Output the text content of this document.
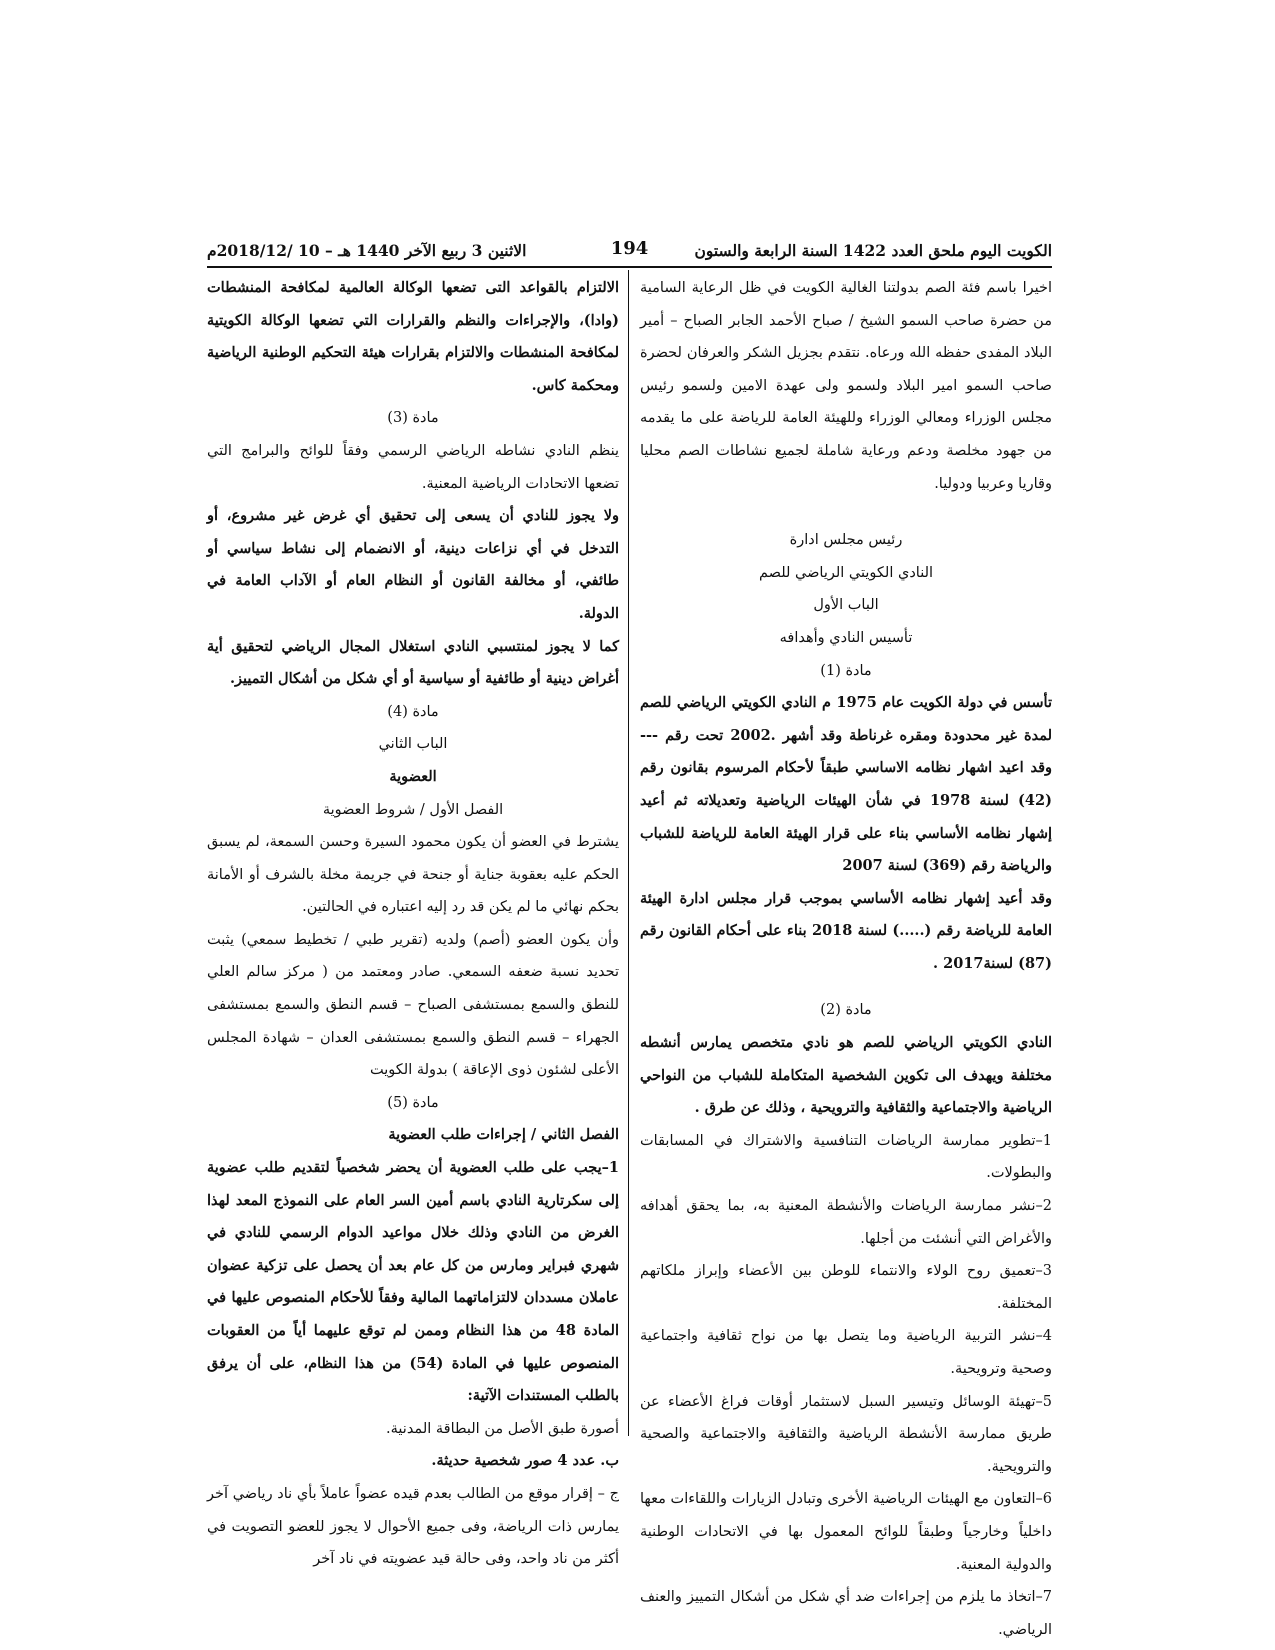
الكويت اليوم ملحق العدد 1422 السنة الرابعة والستون
194
الاثنين 3 ربيع الآخر 1440 هـ – 10 /2018/12م

اخيرا باسم فئة الصم بدولتنا الغالية الكويت في ظل الرعاية السامية من حضرة صاحب السمو الشيخ / صباح الأحمد الجابر الصباح – أمير البلاد المفدى حفظه الله ورعاه. نتقدم بجزيل الشكر والعرفان لحضرة صاحب السمو امير البلاد ولسمو ولى عهدة الامين ولسمو رئيس مجلس الوزراء ومعالي الوزراء وللهيئة العامة للرياضة على ما يقدمه من جهود مخلصة ودعم ورعاية شاملة لجميع نشاطات الصم محليا وقاريا وعربيا ودوليا.

رئيس مجلس ادارة

النادي الكويتي الرياضي للصم

الباب الأول

تأسيس النادي وأهدافه

مادة (1)

تأسس في دولة الكويت عام 1975 م النادي الكويتي الرياضي للصم لمدة غير محدودة ومقره غرناطة وقد أشهر .2002 تحت رقم --- وقد اعيد اشهار نظامه الاساسي طبقاً لأحكام المرسوم بقانون رقم (42) لسنة 1978 في شأن الهيئات الرياضية وتعديلاته ثم أعيد إشهار نظامه الأساسي بناء على قرار الهيئة العامة للرياضة للشباب والرياضة رقم (369) لسنة 2007

وقد أعيد إشهار نظامه الأساسي بموجب قرار مجلس ادارة الهيئة العامة للرياضة رقم (.....) لسنة 2018 بناء على أحكام القانون رقم (87) لسنة2017 .

مادة (2)

النادي الكويتي الرياضي للصم هو نادي متخصص يمارس أنشطه مختلفة ويهدف الى تكوين الشخصية المتكاملة للشباب من النواحي الرياضية والاجتماعية والثقافية والترويحية ، وذلك عن طرق .

1–تطوير ممارسة الرياضات التنافسية والاشتراك في المسابقات والبطولات.

2–نشر ممارسة الرياضات والأنشطة المعنية به، بما يحقق أهدافه والأغراض التي أنشئت من أجلها.

3–تعميق روح الولاء والانتماء للوطن بين الأعضاء وإبراز ملكاتهم المختلفة.

4–نشر التربية الرياضية وما يتصل بها من نواح ثقافية واجتماعية وصحية وترويحية.

5–تهيئة الوسائل وتيسير السبل لاستثمار أوقات فراغ الأعضاء عن طريق ممارسة الأنشطة الرياضية والثقافية والاجتماعية والصحية والترويحية.

6–التعاون مع الهيئات الرياضية الأخرى وتبادل الزيارات واللقاءات معها داخلياً وخارجياً وطبقاً للوائح المعمول بها في الاتحادات الوطنية والدولية المعنية.

7–اتخاذ ما يلزم من إجراءات ضد أي شكل من أشكال التمييز والعنف الرياضي.

الالتزام بالقواعد التى تضعها الوكالة العالمية لمكافحة المنشطات (وادا)، والإجراءات والنظم والقرارات التي تضعها الوكالة الكويتية لمكافحة المنشطات والالتزام بقرارات هيئة التحكيم الوطنية الرياضية ومحكمة كاس.

مادة (3)

ينظم النادي نشاطه الرياضي الرسمي وفقاً للوائح والبرامج التي تضعها الاتحادات الرياضية المعنية.

ولا يجوز للنادي أن يسعى إلى تحقيق أي غرض غير مشروع، أو التدخل في أي نزاعات دينية، أو الانضمام إلى نشاط سياسي أو طائفي، أو مخالفة القانون أو النظام العام أو الآداب العامة في الدولة.

كما لا يجوز لمنتسبي النادي استغلال المجال الرياضي لتحقيق أية أغراض دينية أو طائفية أو سياسية أو أي شكل من أشكال التمييز.

مادة (4)

الباب الثاني

العضوية

الفصل الأول / شروط العضوية

يشترط في العضو أن يكون محمود السيرة وحسن السمعة، لم يسبق الحكم عليه بعقوبة جناية أو جنحة في جريمة مخلة بالشرف أو الأمانة بحكم نهائي ما لم يكن قد رد إليه اعتباره في الحالتين.

وأن يكون العضو (أصم) ولديه (تقرير طبي / تخطيط سمعي) يثبت تحديد نسبة ضعفه السمعي. صادر ومعتمد من ( مركز سالم العلي للنطق والسمع بمستشفى الصباح – قسم النطق والسمع بمستشفى الجهراء – قسم النطق والسمع بمستشفى العدان – شهادة المجلس الأعلى لشئون ذوى الإعاقة ) بدولة الكويت

مادة (5)

الفصل الثاني / إجراءات طلب العضوية

1–يجب على طلب العضوية أن يحضر شخصياً لتقديم طلب عضوية إلى سكرتارية النادي باسم أمين السر العام على النموذج المعد لهذا الغرض من النادي وذلك خلال مواعيد الدوام الرسمي للنادي في شهري فبراير ومارس من كل عام بعد أن يحصل على تزكية عضوان عاملان مسددان لالتزاماتهما المالية وفقاً للأحكام المنصوص عليها في المادة 48 من هذا النظام وممن لم توقع عليهما أياً من العقوبات المنصوص عليها في المادة (54) من هذا النظام، على أن يرفق بالطلب المستندات الآتية:

أصورة طبق الأصل من البطاقة المدنية.

ب. عدد 4 صور شخصية حديثة.

ج – إقرار موقع من الطالب بعدم قيده عضواً عاملاً بأي ناد رياضي آخر يمارس ذات الرياضة، وفى جميع الأحوال لا يجوز للعضو التصويت في أكثر من ناد واحد، وفى حالة قيد عضويته في ناد آخر
